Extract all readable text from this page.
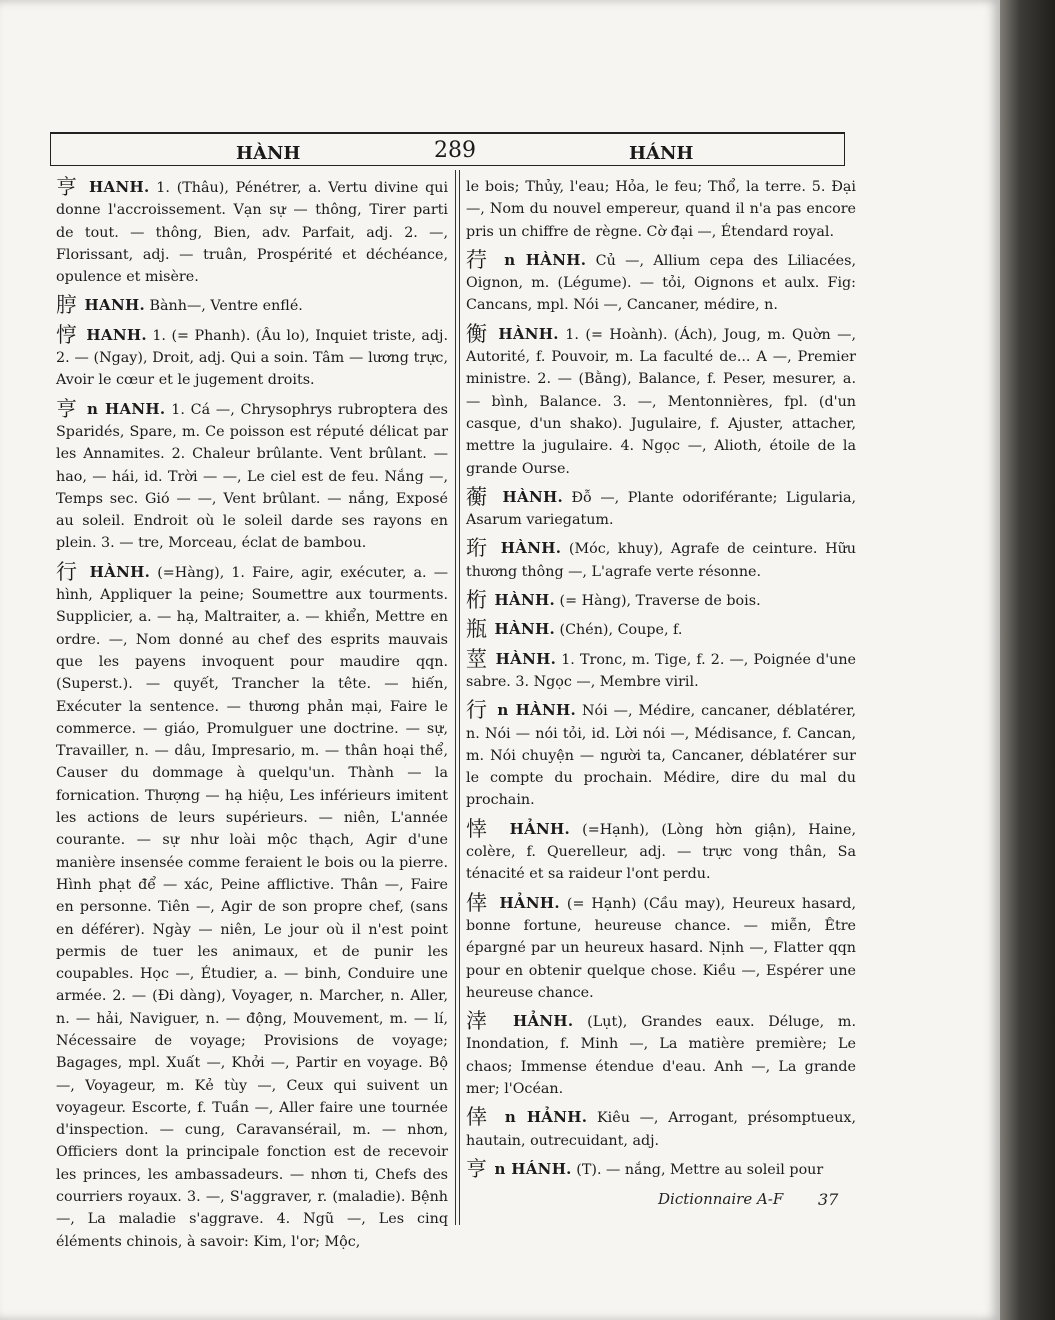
HÀNH	289	HÁNH

亨 HANH. 1. (Thâu), Pénétrer, a. Vertu divine qui donne l'accroissement. Vạn sự — thông, Tirer parti de tout. — thông, Bien, adv. Parfait, adj. 2. —, Florissant, adj. — truân, Prospérité et déchéance, opulence et misère.

脝 HANH. Bành—, Ventre enflé.

悙 HANH. 1. (= Phanh). (Âu lo), Inquiet triste, adj. 2. — (Ngay), Droit, adj. Qui a soin. Tâm — lương trực, Avoir le cœur et le jugement droits.

亨 n HANH. 1. Cá —, Chrysophrys rubroptera des Sparidés, Spare, m. Ce poisson est réputé délicat par les Annamites. 2. Chaleur brûlante. Vent brûlant. — hao, — hái, id. Trời — —, Le ciel est de feu. Nắng —, Temps sec. Gió — —, Vent brûlant. — nắng, Exposé au soleil. Endroit où le soleil darde ses rayons en plein. 3. — tre, Morceau, éclat de bambou.

行 HÀNH. (=Hàng), 1. Faire, agir, exécuter, a. — hình, Appliquer la peine; Soumettre aux tourments. Supplicier, a. — hạ, Maltraiter, a. — khiển, Mettre en ordre. —, Nom donné au chef des esprits mauvais que les payens invoquent pour maudire qqn. (Superst.). — quyết, Trancher la tête. — hiến, Exécuter la sentence. — thương phản mại, Faire le commerce. — giáo, Promulguer une doctrine. — sự, Travailler, n. — dâu, Impresario, m. — thân hoại thể, Causer du dommage à quelqu'un. Thành — la fornication. Thượng — hạ hiệu, Les inférieurs imitent les actions de leurs supérieurs. — niên, L'année courante. — sự như loài mộc thạch, Agir d'une manière insensée comme feraient le bois ou la pierre. Hình phạt để — xác, Peine afflictive. Thân —, Faire en personne. Tiên —, Agir de son propre chef, (sans en déférer). Ngày — niên, Le jour où il n'est point permis de tuer les animaux, et de punir les coupables. Học —, Étudier, a. — binh, Conduire une armée. 2. — (Đi dàng), Voyager, n. Marcher, n. Aller, n. — hải, Naviguer, n. — động, Mouvement, m. — lí, Nécessaire de voyage; Provisions de voyage; Bagages, mpl. Xuất —, Khởi —, Partir en voyage. Bộ —, Voyageur, m. Kẻ tùy —, Ceux qui suivent un voyageur. Escorte, f. Tuần —, Aller faire une tournée d'inspection. — cung, Caravansérail, m. — nhơn, Officiers dont la principale fonction est de recevoir les princes, les ambassadeurs. — nhơn ti, Chefs des courriers royaux. 3. —, S'aggraver, r. (maladie). Bệnh —, La maladie s'aggrave. 4. Ngũ —, Les cinq éléments chinois, à savoir: Kim, l'or; Mộc,

le bois; Thủy, l'eau; Hỏa, le feu; Thổ, la terre. 5. Đại —, Nom du nouvel empereur, quand il n'a pas encore pris un chiffre de règne. Cờ đại —, Étendard royal.

荇 n HÀNH. Củ —, Allium cepa des Liliacées, Oignon, m. (Légume). — tỏi, Oignons et aulx. Fig: Cancans, mpl. Nói —, Cancaner, médire, n.

衡 HÀNH. 1. (= Hoành). (Ách), Joug, m. Quờn —, Autorité, f. Pouvoir, m. La faculté de... A —, Premier ministre. 2. — (Bằng), Balance, f. Peser, mesurer, a. — bình, Balance. 3. —, Mentonnières, fpl. (d'un casque, d'un shako). Jugulaire, f. Ajuster, attacher, mettre la jugulaire. 4. Ngọc —, Alioth, étoile de la grande Ourse.

蘅 HÀNH. Đỗ —, Plante odoriférante; Ligularia, Asarum variegatum.

珩 HÀNH. (Móc, khuy), Agrafe de ceinture. Hữu thương thông —, L'agrafe verte résonne.

桁 HÀNH. (= Hàng), Traverse de bois.

瓶 HÀNH. (Chén), Coupe, f.

莖 HÀNH. 1. Tronc, m. Tige, f. 2. —, Poignée d'une sabre. 3. Ngọc —, Membre viril.

行 n HÀNH. Nói —, Médire, cancaner, déblatérer, n. Nói — nói tỏi, id. Lời nói —, Médisance, f. Cancan, m. Nói chuyện — người ta, Cancaner, déblatérer sur le compte du prochain. Médire, dire du mal du prochain.

悻 HẢNH. (=Hạnh), (Lòng hờn giận), Haine, colère, f. Querelleur, adj. — trực vong thân, Sa ténacité et sa raideur l'ont perdu.

倖 HẢNH. (= Hạnh) (Cầu may), Heureux hasard, bonne fortune, heureuse chance. — miễn, Être épargné par un heureux hasard. Nịnh —, Flatter qqn pour en obtenir quelque chose. Kiều —, Espérer une heureuse chance.

涬 HẢNH. (Lụt), Grandes eaux. Déluge, m. Inondation, f. Minh —, La matière première; Le chaos; Immense étendue d'eau. Anh —, La grande mer; l'Océan.

倖 n HẢNH. Kiêu —, Arrogant, présomptueux, hautain, outrecuidant, adj.

亨 n HÁNH. (T). — nắng, Mettre au soleil pour

Dictionnaire A-F 37
